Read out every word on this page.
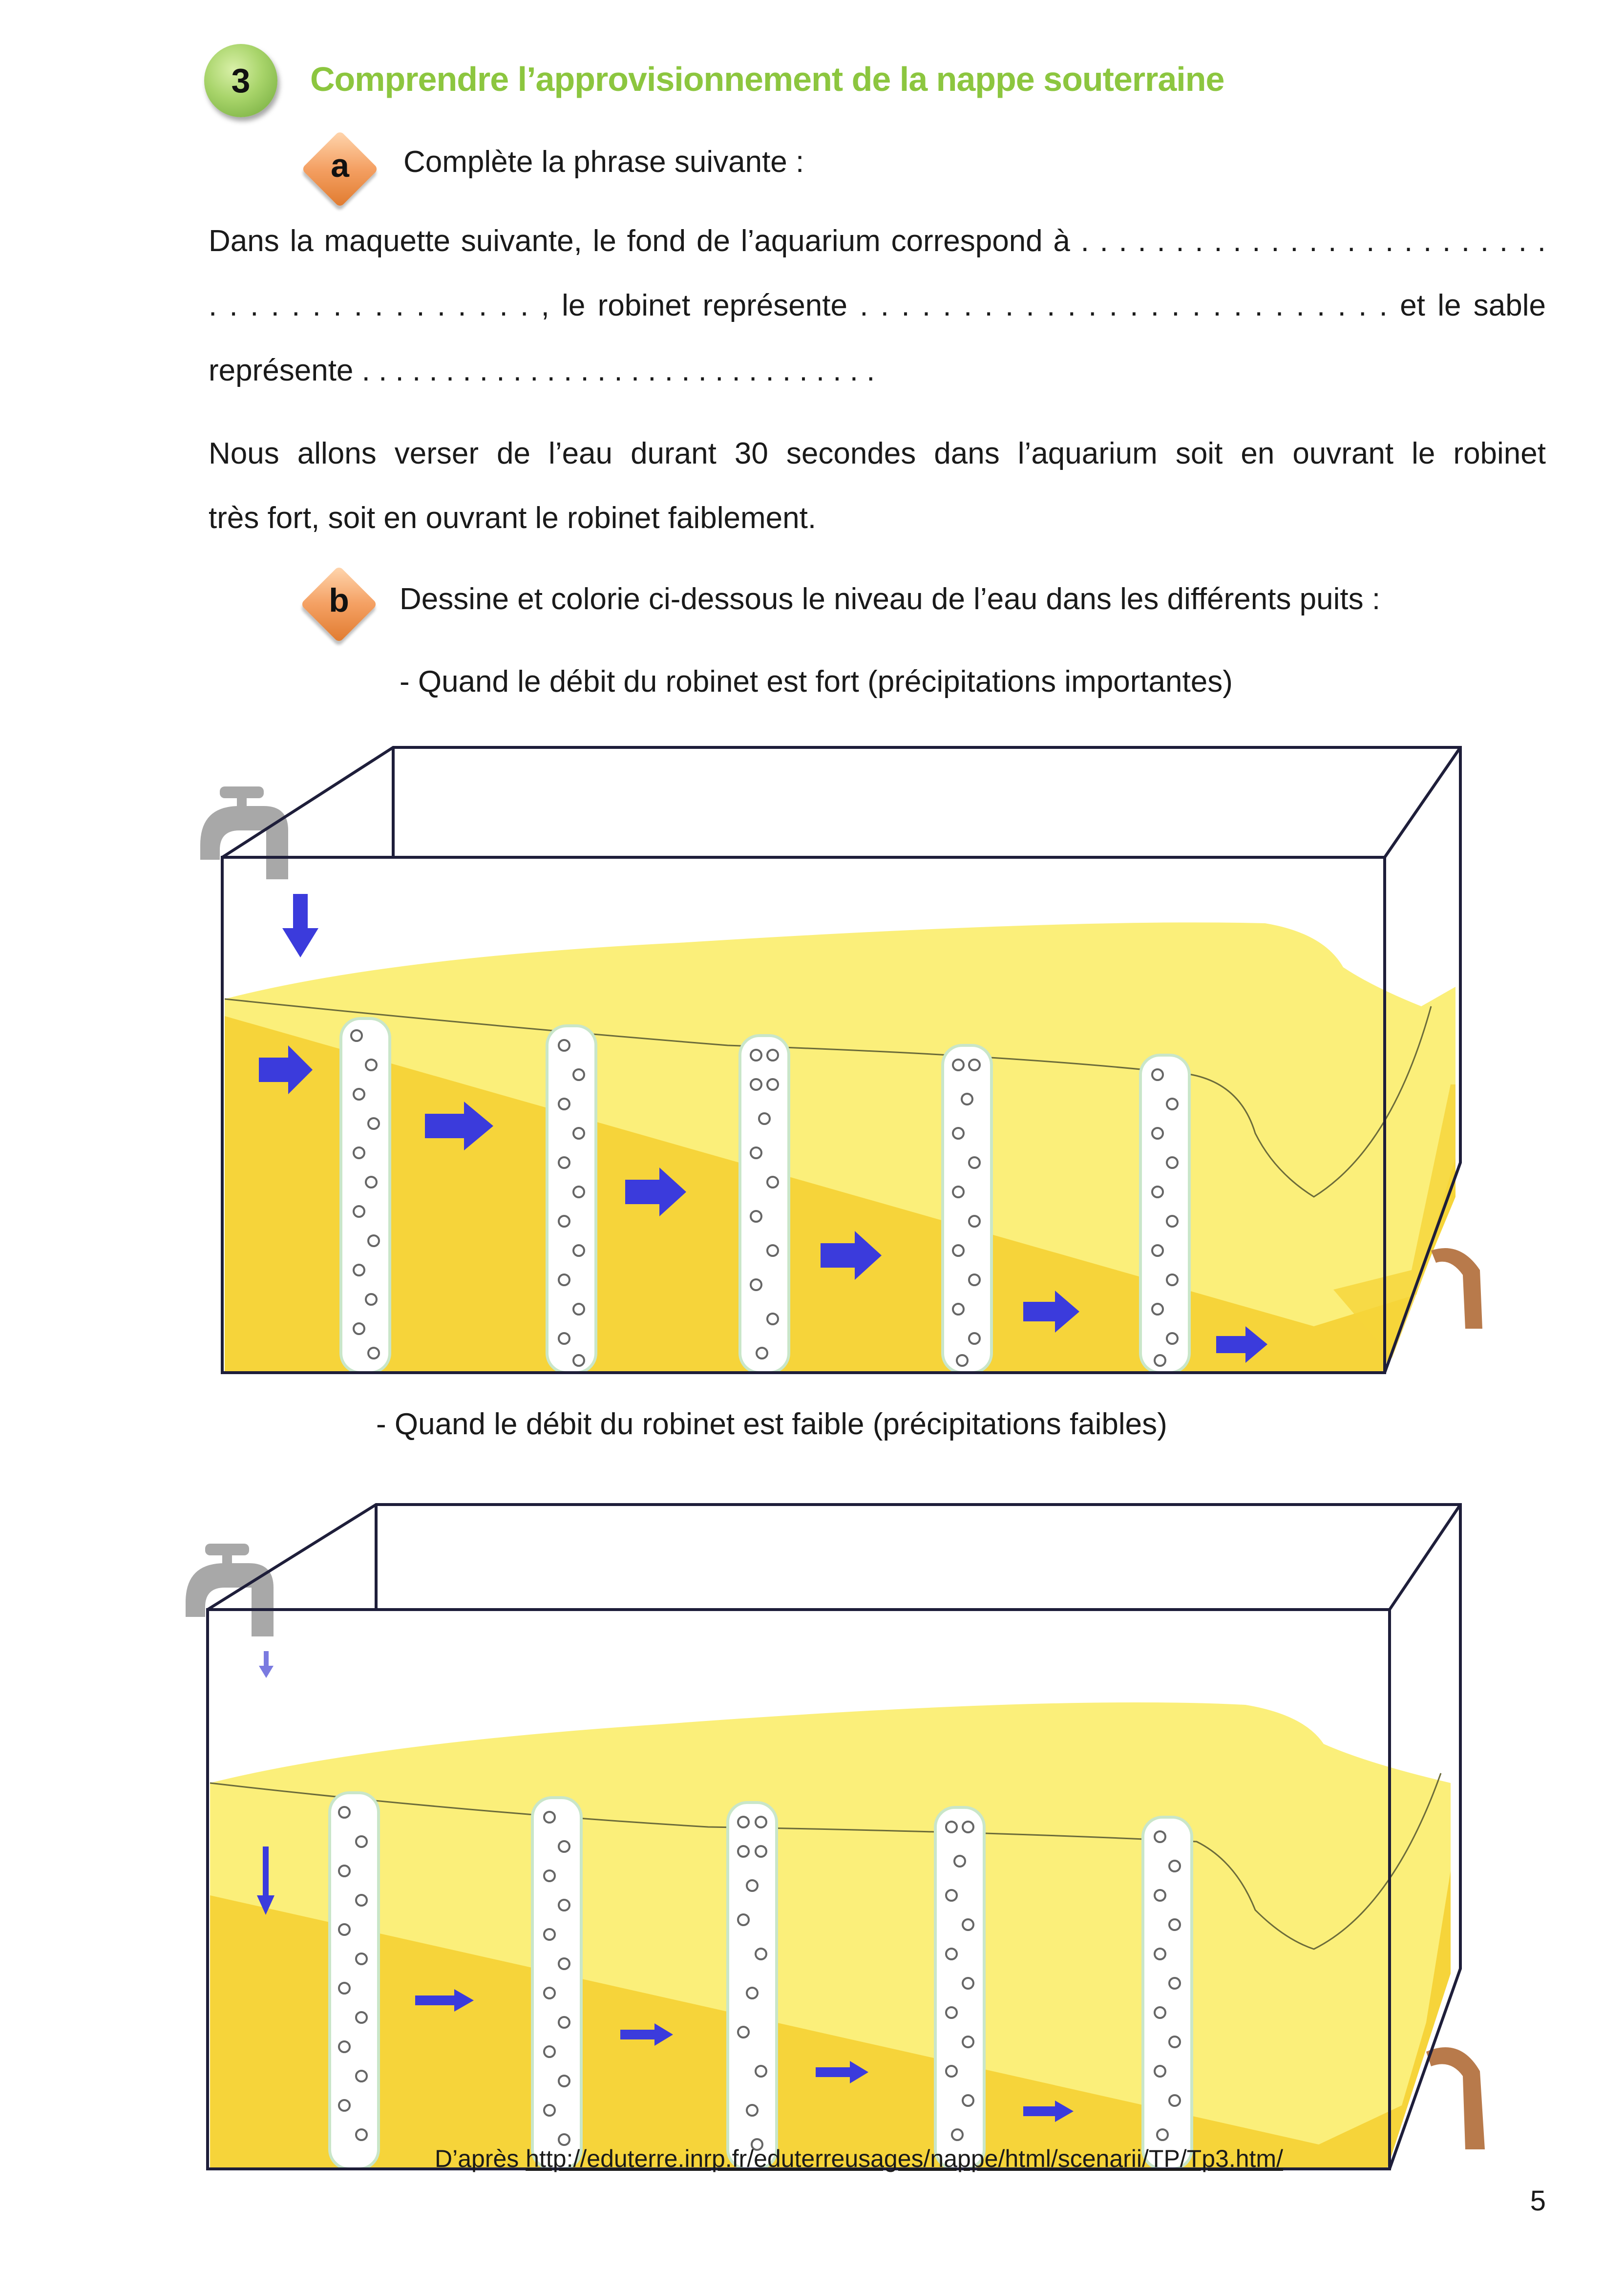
3 Comprendre l’approvisionnement de la nappe souterraine
a	Complète la phrase suivante :
Dans la maquette suivante, le fond de l’aquarium correspond à . . . . . . . . . . . . . . . . . . . . . . . . .
. . . . . . . . . . . . . . . . , le robinet représente . . . . . . . . . . . . . . . . . . . . . . . . . . et le sable
représente . . . . . . . . . . . . . . . . . . . . . . . . . . . . . . .
Nous allons verser de l’eau durant 30 secondes dans l’aquarium soit en ouvrant le robinet
très fort, soit en ouvrant le robinet faiblement.
b	Dessine et colorie ci-dessous le niveau de l’eau dans les différents puits :
- Quand le débit du robinet est fort (précipitations importantes)
- Quand le débit du robinet est faible (précipitations faibles)
D’après http://eduterre.inrp.fr/eduterreusages/nappe/html/scenarii/TP/Tp3.htm/
5
